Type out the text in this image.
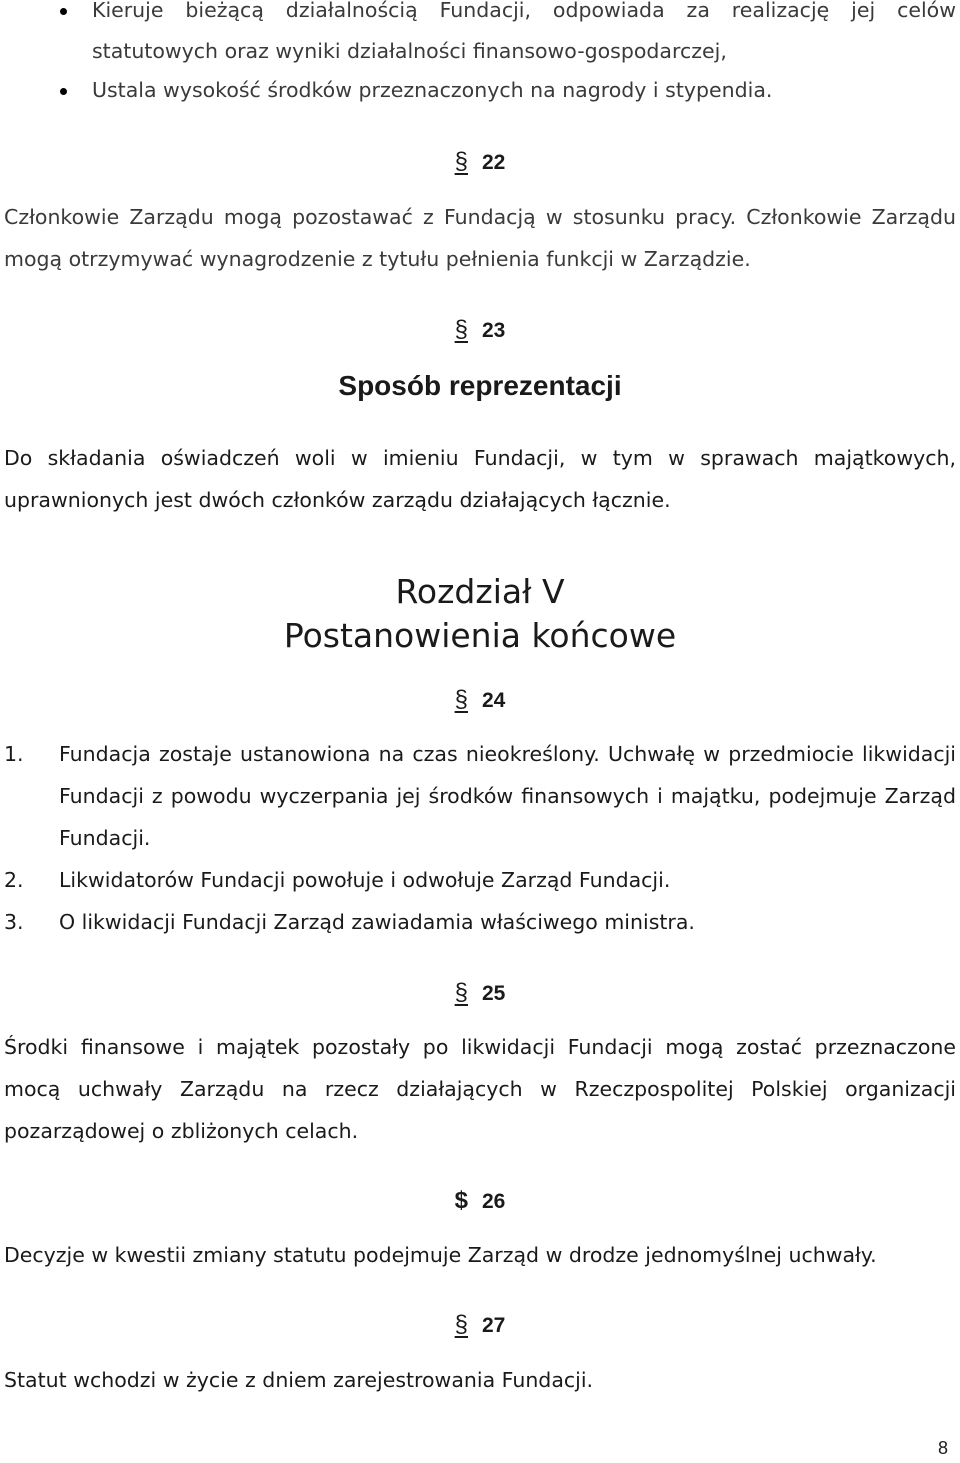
Kieruje bieżącą działalnością Fundacji, odpowiada za realizację jej celów statutowych oraz wyniki działalności finansowo-gospodarczej,
Ustala wysokość środków przeznaczonych na nagrody i stypendia.
§ 22
Członkowie Zarządu mogą pozostawać z Fundacją w stosunku pracy. Członkowie Zarządu mogą otrzymywać wynagrodzenie z tytułu pełnienia funkcji w Zarządzie.
§ 23
Sposób reprezentacji
Do składania oświadczeń woli w imieniu Fundacji, w tym w sprawach majątkowych, uprawnionych jest dwóch członków zarządu działających łącznie.
Rozdział V
Postanowienia końcowe
§ 24
1. Fundacja zostaje ustanowiona na czas nieokreślony. Uchwałę w przedmiocie likwidacji Fundacji z powodu wyczerpania jej środków finansowych i majątku, podejmuje Zarząd Fundacji.
2. Likwidatorów Fundacji powołuje i odwołuje Zarząd Fundacji.
3. O likwidacji Fundacji Zarząd zawiadamia właściwego ministra.
§ 25
Środki finansowe i majątek pozostały po likwidacji Fundacji mogą zostać przeznaczone mocą uchwały Zarządu na rzecz działających w Rzeczpospolitej Polskiej organizacji pozarządowej o zbliżonych celach.
$ 26
Decyzje w kwestii zmiany statutu podejmuje Zarząd w drodze jednomyślnej uchwały.
§ 27
Statut wchodzi w życie z dniem zarejestrowania Fundacji.
8
